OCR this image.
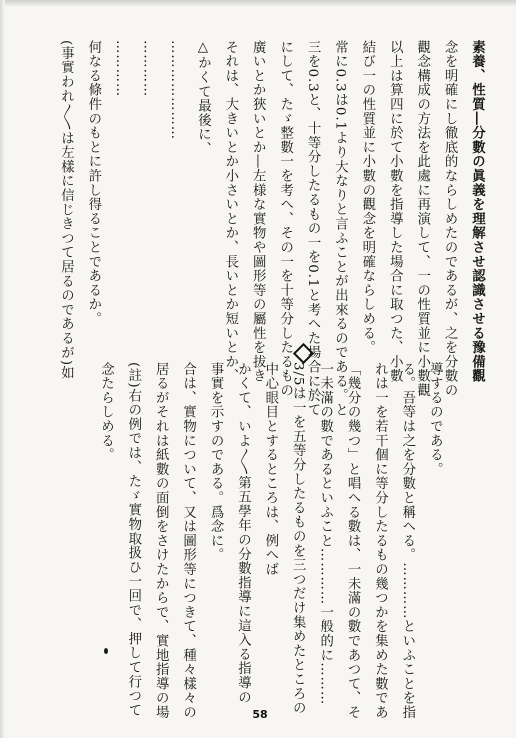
素養、性質―分數の眞義を理解させ認識させる豫備觀
念を明確にし徹底的ならしめたのであるが、之を分數の
觀念構成の方法を此處に再演して、一の性質並に小數觀
以上は算四に於て小數を指導した場合に取つた、小數
結び一の性質並に小數の觀念を明確ならしめる。
常に0.3は0.1より大なりと言ふことが出來るのである。と
三を0.3と、十等分したるもの一を0.1と考へた場合に於て
にして、たゞ整數一を考へ、その一を十等分したるもの
廣いとか狹いとか―左様な實物や圖形等の屬性を拔き
それは、大きいとか小さいとか、長いとか短いとか、
△かくて最後に、
…………………
…………
…………
何なる條件のもとに許し得ることであるか。
(事實われ〳〵は左樣に信じきつて居るのであるが)如
導するのである。
る。吾等は之を分數と稱へる。…………といふことを指
れは一を若干個に等分したるもの幾つかを集めた數であ
「幾分の幾つ」と唱へる數は、一未滿の數であつて、そ
一未滿の數であるといふこと…………一般的に………
3/5は一を五等分したるものを三つだけ集めたところの
中心眼目とするところは、例へば
かくて、いよ〳〵第五學年の分數指導に這入る指導の
事實を示すのである。爲念に。
合は、實物について、又は圖形等につきて、種々樣々の
居るがそれは紙數の面倒をさけたからで、實地指導の場
(註)右の例では、たゞ實物取扱ひ一回で、押して行つて
念たらしめる。
58
